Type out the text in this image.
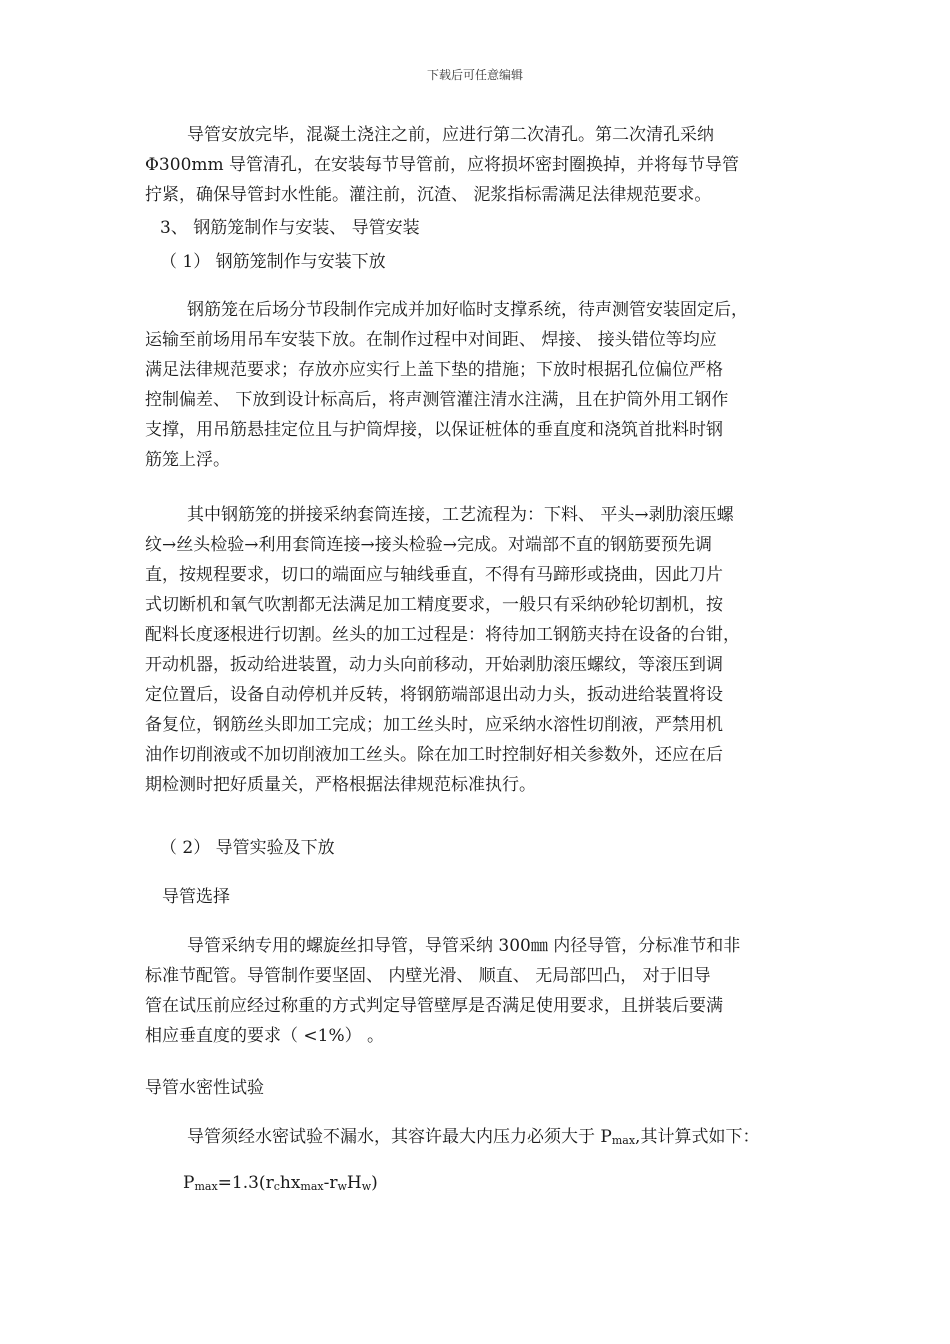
下载后可任意编辑
导管安放完毕，混凝土浇注之前，应进行第二次清孔。第二次清孔采纳
Φ300mm 导管清孔，在安装每节导管前，应将损坏密封圈换掉，并将每节导管
拧紧，确保导管封水性能。灌注前，沉渣、 泥浆指标需满足法律规范要求。
3、 钢筋笼制作与安装、 导管安装
（ 1） 钢筋笼制作与安装下放
钢筋笼在后场分节段制作完成并加好临时支撑系统，待声测管安装固定后，
运输至前场用吊车安装下放。在制作过程中对间距、 焊接、 接头错位等均应
满足法律规范要求；存放亦应实行上盖下垫的措施；下放时根据孔位偏位严格
控制偏差、 下放到设计标高后，将声测管灌注清水注满，且在护筒外用工钢作
支撑，用吊筋悬挂定位且与护筒焊接，以保证桩体的垂直度和浇筑首批料时钢
筋笼上浮。
其中钢筋笼的拼接采纳套筒连接，工艺流程为：下料、 平头→剥肋滚压螺
纹→丝头检验→利用套筒连接→接头检验→完成。对端部不直的钢筋要预先调
直，按规程要求，切口的端面应与轴线垂直，不得有马蹄形或挠曲，因此刀片
式切断机和氧气吹割都无法满足加工精度要求，一般只有采纳砂轮切割机，按
配料长度逐根进行切割。丝头的加工过程是：将待加工钢筋夹持在设备的台钳，
开动机器，扳动给进装置，动力头向前移动，开始剥肋滚压螺纹，等滚压到调
定位置后，设备自动停机并反转，将钢筋端部退出动力头，扳动进给装置将设
备复位，钢筋丝头即加工完成；加工丝头时，应采纳水溶性切削液，严禁用机
油作切削液或不加切削液加工丝头。除在加工时控制好相关参数外，还应在后
期检测时把好质量关，严格根据法律规范标准执行。
（ 2） 导管实验及下放
导管选择
导管采纳专用的螺旋丝扣导管，导管采纳 300㎜ 内径导管，分标准节和非
标准节配管。导管制作要坚固、 内壁光滑、 顺直、 无局部凹凸， 对于旧导
管在试压前应经过称重的方式判定导管壁厚是否满足使用要求，且拼装后要满
相应垂直度的要求（ <1%） 。
导管水密性试验
导管须经水密试验不漏水，其容许最大内压力必须大于 Pmax,其计算式如下：
Pmax=1.3(rchxmax-rwHw)
